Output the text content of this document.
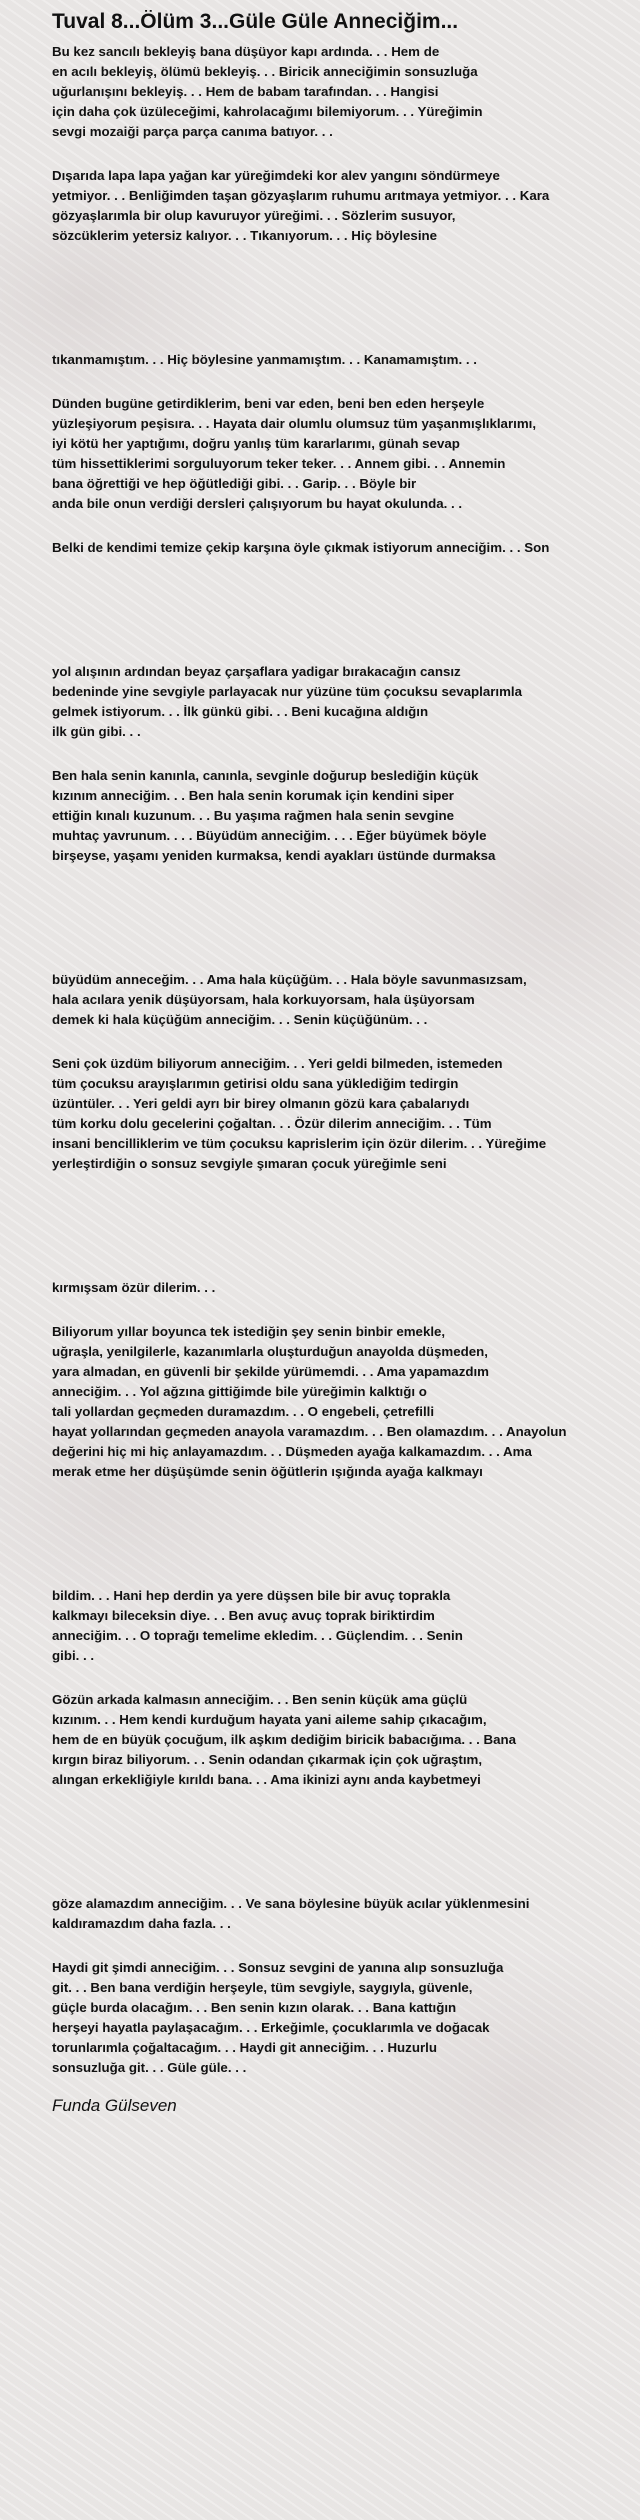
Tuval 8...Ölüm 3...Güle Güle Anneciğim...
Bu kez sancılı bekleyiş bana düşüyor kapı ardında. . . Hem de
en acılı bekleyiş, ölümü bekleyiş. . . Biricik anneciğimin sonsuzluğa
uğurlanışını bekleyiş. . . Hem de babam tarafından. . . Hangisi
için daha çok üzüleceğimi, kahrolacağımı bilemiyorum. . . Yüreğimin
sevgi mozaiği parça parça canıma batıyor. . .
Dışarıda lapa lapa yağan kar yüreğimdeki kor alev yangını söndürmeye
yetmiyor. . . Benliğimden taşan gözyaşlarım ruhumu arıtmaya yetmiyor. . . Kara
gözyaşlarımla bir olup kavuruyor yüreğimi. . . Sözlerim susuyor,
sözcüklerim yetersiz kalıyor. . . Tıkanıyorum. . . Hiç böylesine
tıkanmamıştım. . . Hiç böylesine yanmamıştım. . . Kanamamıştım. . .
Dünden bugüne getirdiklerim, beni var eden, beni ben eden herşeyle
yüzleşiyorum peşisıra. . . Hayata dair olumlu olumsuz tüm yaşanmışlıklarımı,
iyi kötü her yaptığımı, doğru yanlış tüm kararlarımı, günah sevap
tüm hissettiklerimi sorguluyorum teker teker. . . Annem gibi. . . Annemin
bana öğrettiği ve hep öğütlediği gibi. . . Garip. . . Böyle bir
anda bile onun verdiği dersleri çalışıyorum bu hayat okulunda. . .
Belki de kendimi temize çekip karşına öyle çıkmak istiyorum anneciğim. . . Son
yol alışının ardından beyaz çarşaflara yadigar bırakacağın cansız
bedeninde yine sevgiyle parlayacak nur yüzüne tüm çocuksu sevaplarımla
gelmek istiyorum. . . İlk günkü gibi. . . Beni kucağına aldığın
ilk gün gibi. . .
Ben hala senin kanınla, canınla, sevginle doğurup beslediğin küçük
kızınım anneciğim. . . Ben hala senin korumak için kendini siper
ettiğin kınalı kuzunum. . . Bu yaşıma rağmen hala senin sevgine
muhtaç yavrunum. . . . Büyüdüm anneciğim. . . . Eğer büyümek böyle
birşeyse, yaşamı yeniden kurmaksa, kendi ayakları üstünde durmaksa
büyüdüm anneceğim. . . Ama hala küçüğüm. . . Hala böyle savunmasızsam,
hala acılara yenik düşüyorsam, hala korkuyorsam, hala üşüyorsam
demek ki hala küçüğüm anneciğim. . . Senin küçüğünüm. . .
Seni çok üzdüm biliyorum anneciğim. . . Yeri geldi bilmeden, istemeden
tüm çocuksu arayışlarımın getirisi oldu sana yüklediğim tedirgin
üzüntüler. . . Yeri geldi ayrı bir birey olmanın gözü kara çabalarıydı
tüm korku dolu gecelerini çoğaltan. . . Özür dilerim anneciğim. . . Tüm
insani bencilliklerim ve tüm çocuksu kaprislerim için özür dilerim. . . Yüreğime
yerleştirdiğin o sonsuz sevgiyle şımaran çocuk yüreğimle seni
kırmışsam özür dilerim. . .
Biliyorum yıllar boyunca tek istediğin şey senin binbir emekle,
uğraşla, yenilgilerle, kazanımlarla oluşturduğun anayolda düşmeden,
yara almadan, en güvenli bir şekilde yürümemdi. . . Ama yapamazdım
anneciğim. . . Yol ağzına gittiğimde bile yüreğimin kalktığı o
tali yollardan geçmeden duramazdım. . . O engebeli, çetrefilli
hayat yollarından geçmeden anayola varamazdım. . . Ben olamazdım. . . Anayolun
değerini hiç mi hiç anlayamazdım. . . Düşmeden ayağa kalkamazdım. . . Ama
merak etme her düşüşümde senin öğütlerin ışığında ayağa kalkmayı
bildim. . . Hani hep derdin ya yere düşsen bile bir avuç toprakla
kalkmayı bileceksin diye. . . Ben avuç avuç toprak biriktirdim
anneciğim. . . O toprağı temelime ekledim. . . Güçlendim. . . Senin
gibi. . .
Gözün arkada kalmasın anneciğim. . . Ben senin küçük ama güçlü
kızınım. . . Hem kendi kurduğum hayata yani aileme sahip çıkacağım,
hem de en büyük çocuğum, ilk aşkım dediğim biricik babacığıma. . . Bana
kırgın biraz biliyorum. . . Senin odandan çıkarmak için çok uğraştım,
alıngan erkekliğiyle kırıldı bana. . . Ama ikinizi aynı anda kaybetmeyi
göze alamazdım anneciğim. . . Ve sana böylesine büyük acılar yüklenmesini
kaldıramazdım daha fazla. . .
Haydi git şimdi anneciğim. . . Sonsuz sevgini de yanına alıp sonsuzluğa
git. . . Ben bana verdiğin herşeyle, tüm sevgiyle, saygıyla, güvenle,
güçle burda olacağım. . . Ben senin kızın olarak. . . Bana kattığın
herşeyi hayatla paylaşacağım. . . Erkeğimle, çocuklarımla ve doğacak
torunlarımla çoğaltacağım. . . Haydi git anneciğim. . . Huzurlu
sonsuzluğa git. . . Güle güle. . .
Funda Gülseven
